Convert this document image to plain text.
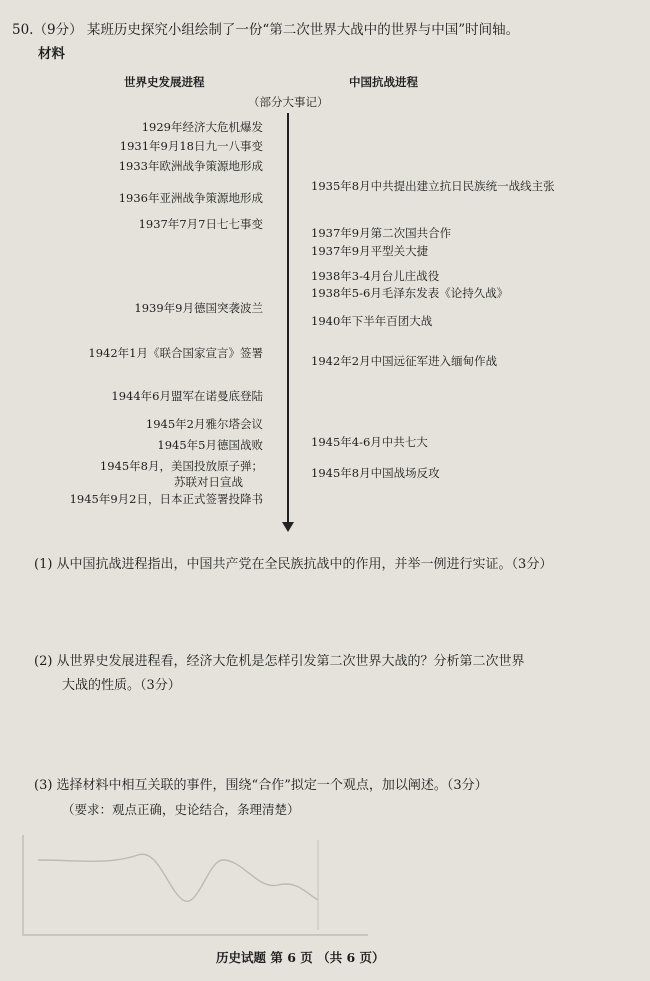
50.（9分） 某班历史探究小组绘制了一份“第二次世界大战中的世界与中国”时间轴。
材料
世界史发展进程	中国抗战进程
（部分大事记）
1929年经济大危机爆发
1931年9月18日九一八事变
1933年欧洲战争策源地形成
1936年亚洲战争策源地形成
1937年7月7日七七事变
1939年9月德国突袭波兰
1942年1月《联合国家宣言》签署
1944年6月盟军在诺曼底登陆
1945年2月雅尔塔会议
1945年5月德国战败
1945年8月，美国投放原子弹；
苏联对日宣战
1945年9月2日，日本正式签署投降书
1935年8月中共提出建立抗日民族统一战线主张
1937年9月第二次国共合作
1937年9月平型关大捷
1938年3-4月台儿庄战役
1938年5-6月毛泽东发表《论持久战》
1940年下半年百团大战
1942年2月中国远征军进入缅甸作战
1945年4-6月中共七大
1945年8月中国战场反攻
(1) 从中国抗战进程指出，中国共产党在全民族抗战中的作用，并举一例进行实证。（3分）
(2) 从世界史发展进程看，经济大危机是怎样引发第二次世界大战的？分析第二次世界
大战的性质。（3分）
(3) 选择材料中相互关联的事件，围绕“合作”拟定一个观点，加以阐述。（3分）
（要求：观点正确，史论结合，条理清楚）
历史试题 第 6 页 （共 6 页）
